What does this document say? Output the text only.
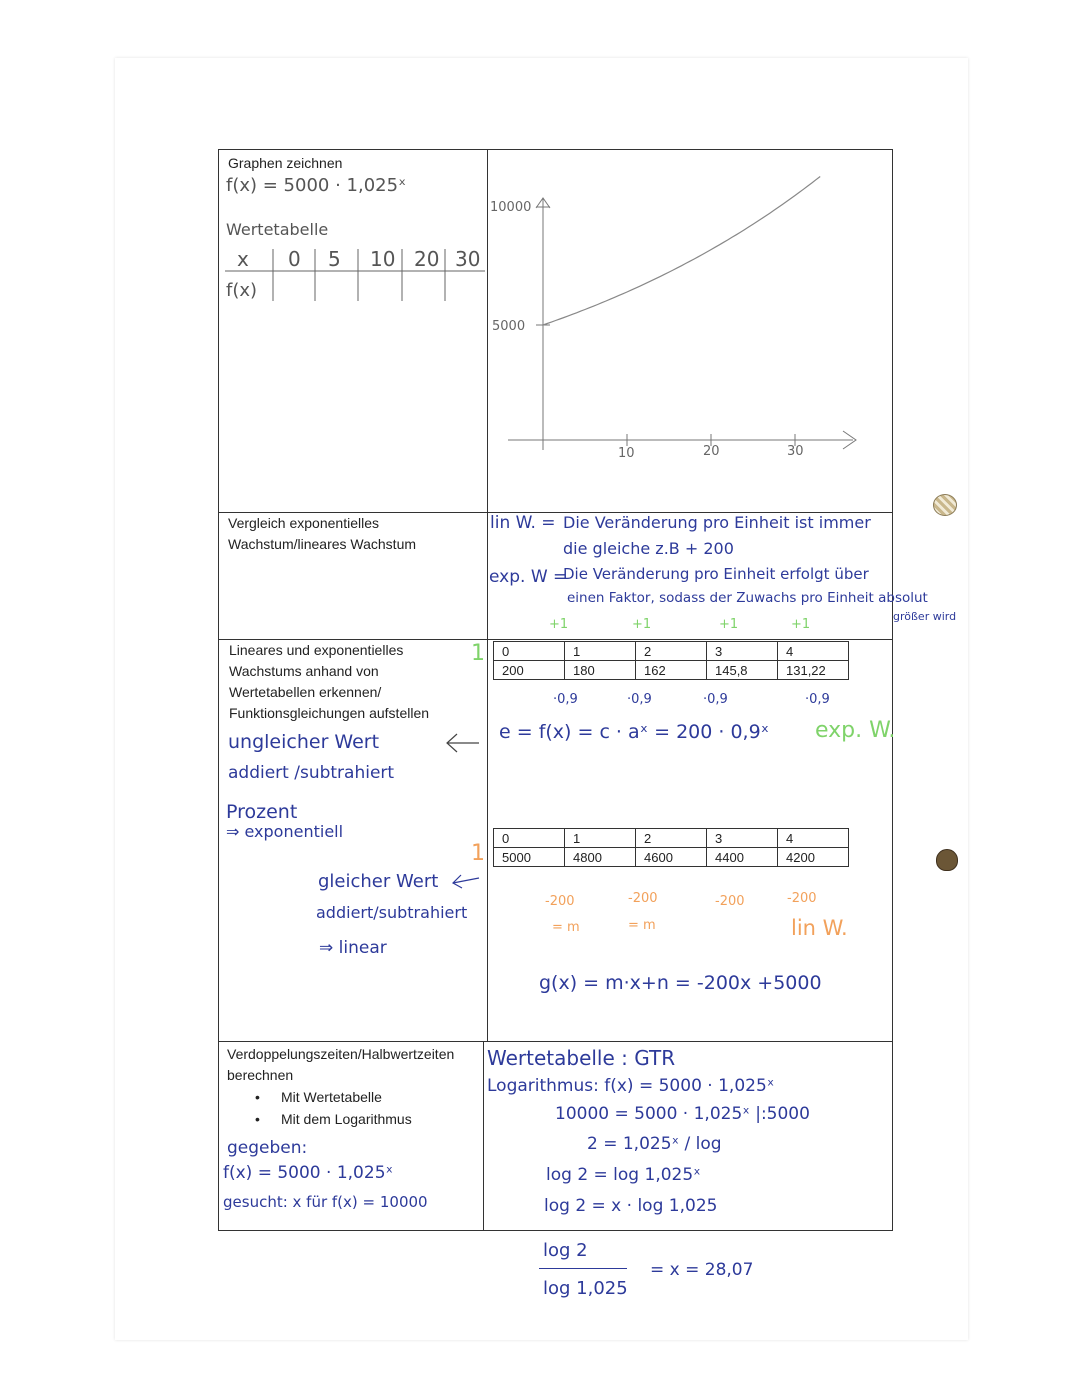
Graphen zeichnen
f(x) = 5000 · 1,025ˣ
Wertetabelle
x 0 5 10 20 30
f(x)
10000
5000
10	20	30
Vergleich exponentielles Wachstum/lineares Wachstum
lin W. = Die Veränderung pro Einheit ist immer
die gleiche z.B + 200
exp. W =
Die Veränderung pro Einheit erfolgt über
einen Faktor, sodass der Zuwachs pro Einheit absolut
größer wird
Lineares und exponentielles Wachstums anhand von Wertetabellen erkennen/ Funktionsgleichungen aufstellen
ungleicher Wert
addiert /subtrahiert
Prozent
⇒ exponentiell
gleicher Wert
addiert/subtrahiert
⇒ linear
+1	+1	+1	+1
0	1	2	3	4
200	180	162	145,8	131,22
·0,9	·0,9	·0,9	·0,9
1
e = f(x) = c · aˣ = 200 · 0,9ˣ exp. W.
0	1	2	3	4
5000	4800	4600	4400	4200
-200	-200	-200	-200
= m	= m	lin W.
1
g(x) = m·x+n = -200x +5000
Verdoppelungszeiten/Halbwertzeiten berechnen
• Mit Wertetabelle
• Mit dem Logarithmus
gegeben:
f(x) = 5000 · 1,025ˣ
gesucht: x für f(x) = 10000
Wertetabelle : GTR
Logarithmus: f(x) = 5000 · 1,025ˣ
10000 = 5000 · 1,025ˣ |:5000
2 = 1,025ˣ / log
log 2 = log 1,025ˣ
log 2 = x · log 1,025
log 2
log 1,025
= x = 28,07
